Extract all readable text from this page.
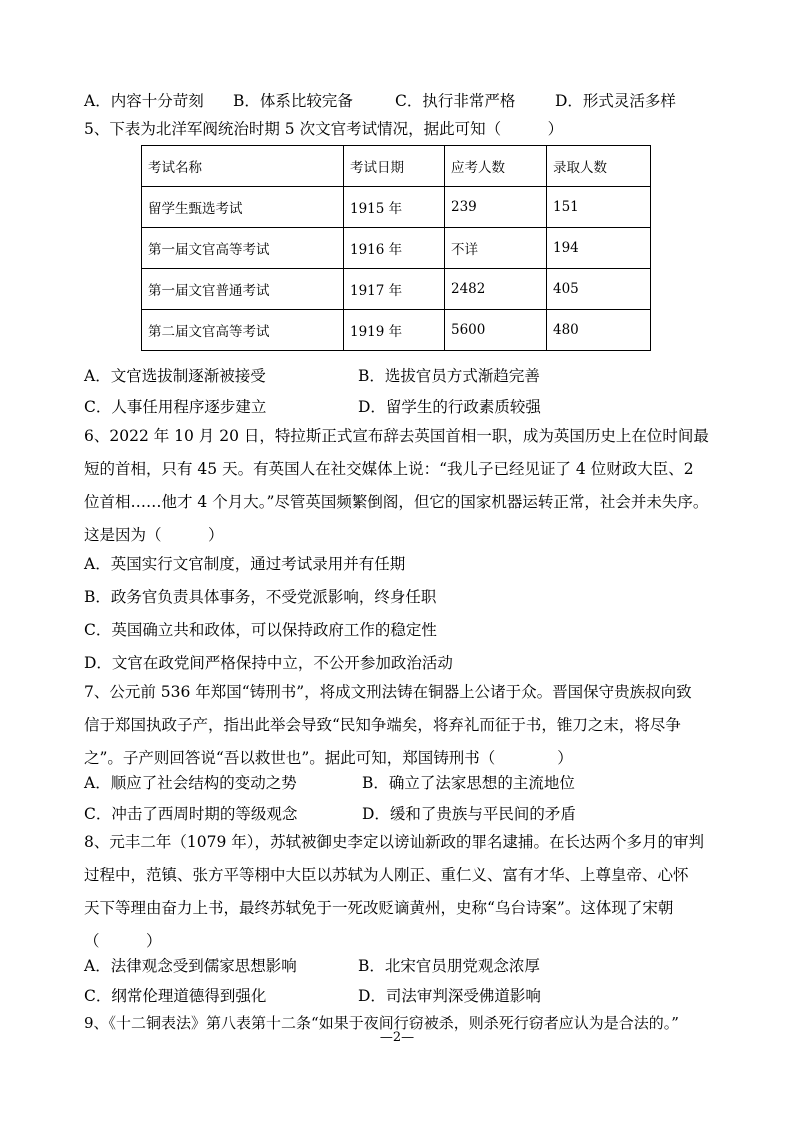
A．内容十分苛刻 B．体系比较完备	C．执行非常严格	D．形式灵活多样
5、下表为北洋军阀统治时期 5 次文官考试情况，据此可知（　　　）
考试名称	考试日期	应考人数	录取人数
留学生甄选考试	1915 年	239	151
第一届文官高等考试	1916 年	不详	194
第一届文官普通考试	1917 年	2482	405
第二届文官高等考试	1919 年	5600	480
A．文官选拔制逐渐被接受	B．选拔官员方式渐趋完善
C．人事任用程序逐步建立	D．留学生的行政素质较强
6、2022 年 10 月 20 日，特拉斯正式宣布辞去英国首相一职，成为英国历史上在位时间最
短的首相，只有 45 天。有英国人在社交媒体上说：“我儿子已经见证了 4 位财政大臣、2
位首相……他才 4 个月大。”尽管英国频繁倒阁，但它的国家机器运转正常，社会并未失序。
这是因为（　　　）
A．英国实行文官制度，通过考试录用并有任期
B．政务官负责具体事务，不受党派影响，终身任职
C．英国确立共和政体，可以保持政府工作的稳定性
D．文官在政党间严格保持中立，不公开参加政治活动
7、公元前 536 年郑国“铸刑书”，将成文刑法铸在铜器上公诸于众。晋国保守贵族叔向致
信于郑国执政子产，指出此举会导致“民知争端矣，将弃礼而征于书，锥刀之末，将尽争
之”。子产则回答说“吾以救世也”。据此可知，郑国铸刑书（　　　　）
A．顺应了社会结构的变动之势	B．确立了法家思想的主流地位
C．冲击了西周时期的等级观念	D．缓和了贵族与平民间的矛盾
8、元丰二年（1079 年），苏轼被御史李定以谤讪新政的罪名逮捕。在长达两个多月的审判
过程中，范镇、张方平等栩中大臣以苏轼为人刚正、重仁义、富有才华、上尊皇帝、心怀
天下等理由奋力上书，最终苏轼免于一死改贬谪黄州，史称“乌台诗案”。这体现了宋朝
（　　　）
A．法律观念受到儒家思想影响	B．北宋官员朋党观念浓厚
C．纲常伦理道德得到强化	D．司法审判深受佛道影响
9、《十二铜表法》第八表第十二条“如果于夜间行窃被杀，则杀死行窃者应认为是合法的。”
—2—
